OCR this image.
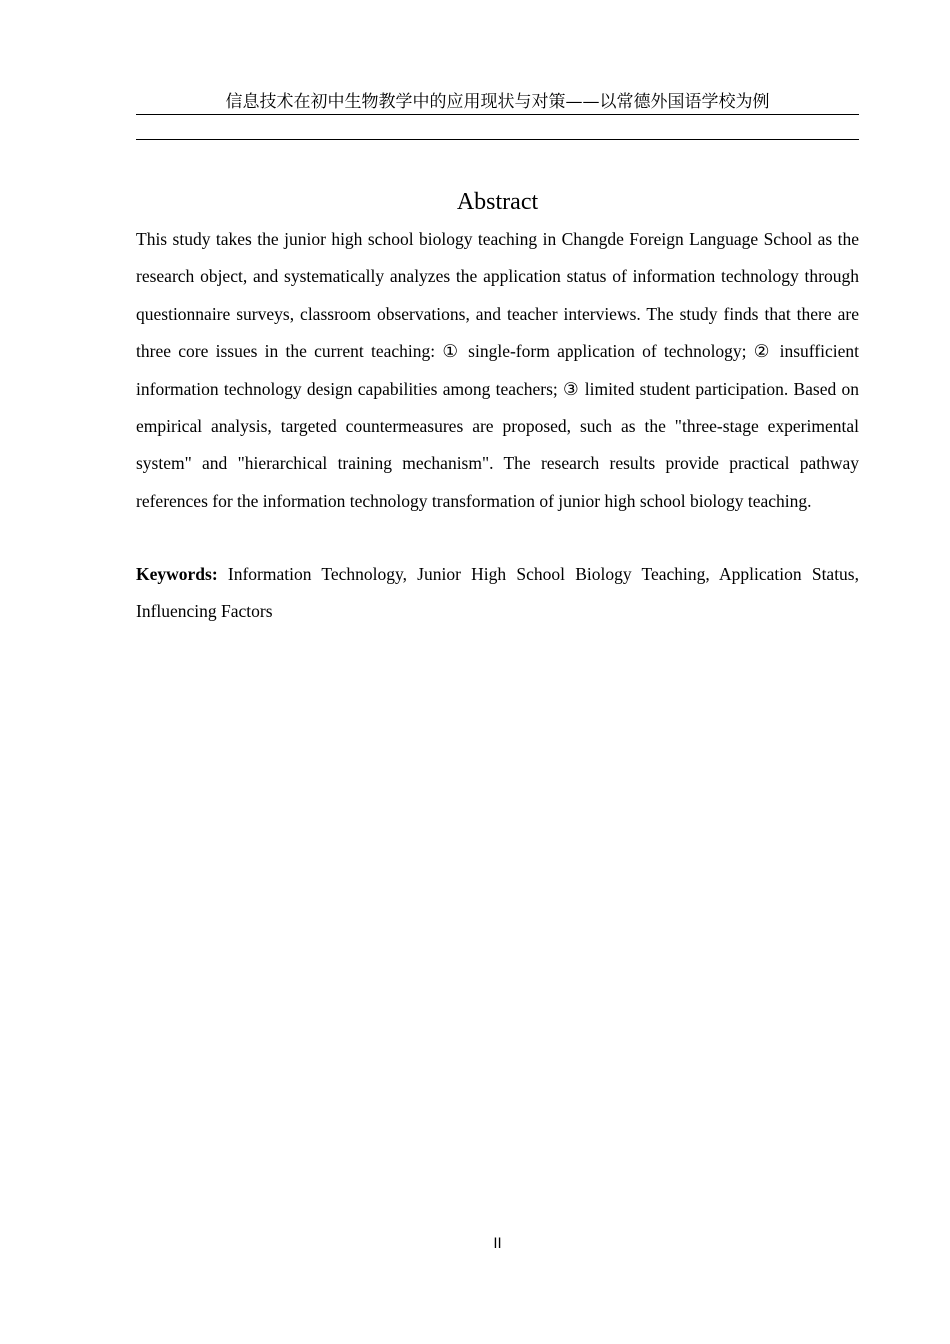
信息技术在初中生物教学中的应用现状与对策——以常德外国语学校为例
Abstract

This study takes the junior high school biology teaching in Changde Foreign Language School as the research object, and systematically analyzes the application status of information technology through questionnaire surveys, classroom observations, and teacher interviews. The study finds that there are three core issues in the current teaching: ① single-form application of technology; ② insufficient information technology design capabilities among teachers; ③ limited student participation. Based on empirical analysis, targeted countermeasures are proposed, such as the "three-stage experimental system" and "hierarchical training mechanism". The research results provide practical pathway references for the information technology transformation of junior high school biology teaching.

Keywords: Information Technology, Junior High School Biology Teaching, Application Status, Influencing Factors

II
